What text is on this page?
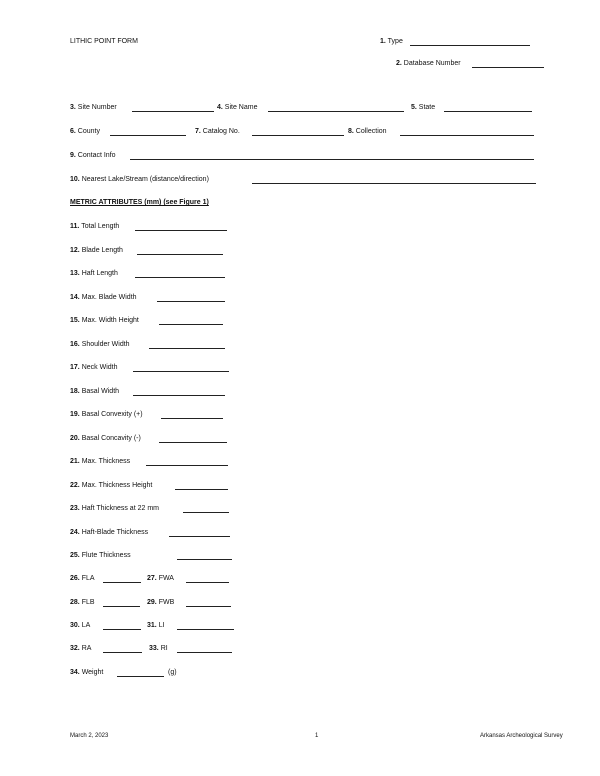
LITHIC POINT FORM	1. Type
2. Database Number
3. Site Number	4. Site Name	5. State
6. County	7. Catalog No.	8. Collection
9. Contact Info
10. Nearest Lake/Stream (distance/direction)
METRIC ATTRIBUTES (mm) (see Figure 1)
11. Total Length
12. Blade Length
13. Haft Length
14. Max. Blade Width
15. Max. Width Height
16. Shoulder Width
17. Neck Width
18. Basal Width
19. Basal Convexity (+)
20. Basal Concavity (-)
21. Max. Thickness
22. Max. Thickness Height
23. Haft Thickness at 22 mm
24. Haft-Blade Thickness
25. Flute Thickness
26. FLA	27. FWA
28. FLB	29. FWB
30. LA	31. LI
32. RA	33. RI
34. Weight	(g)
March 2, 2023	1	Arkansas Archeological Survey
